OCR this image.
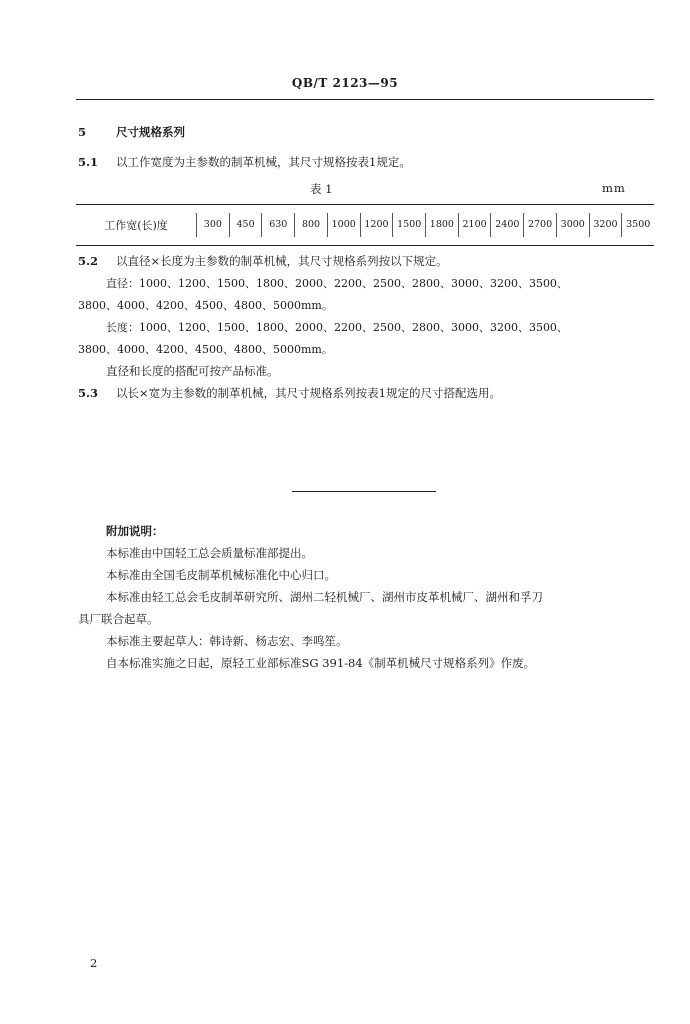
QB/T 2123—95
5	尺寸规格系列
5.1 以工作宽度为主参数的制革机械，其尺寸规格按表1规定。
表 1	mm
工作宽(长)度	300	450	630	800	1000 1200 1500 1800 2100 2400 2700 3000 3200 3500
5.2 以直径×长度为主参数的制革机械，其尺寸规格系列按以下规定。
直径：1000、1200、1500、1800、2000、2200、2500、2800、3000、3200、3500、
3800、4000、4200、4500、4800、5000mm。
长度：1000、1200、1500、1800、2000、2200、2500、2800、3000、3200、3500、
3800、4000、4200、4500、4800、5000mm。
直径和长度的搭配可按产品标准。
5.3 以长×宽为主参数的制革机械，其尺寸规格系列按表1规定的尺寸搭配选用。
附加说明：
本标准由中国轻工总会质量标准部提出。
本标准由全国毛皮制革机械标准化中心归口。
本标准由轻工总会毛皮制革研究所、湖州二轻机械厂、湖州市皮革机械厂、湖州和孚刀
具厂联合起草。
本标准主要起草人：韩诗新、杨志宏、李鸣笙。
自本标准实施之日起，原轻工业部标准SG 391-84《制革机械尺寸规格系列》作废。
2
